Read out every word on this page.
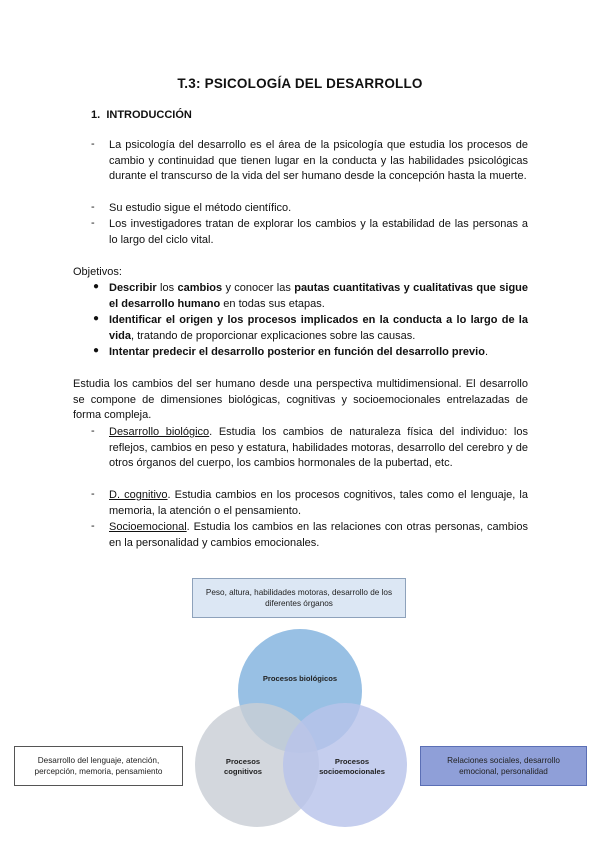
T.3: PSICOLOGÍA DEL DESARROLLO
1. INTRODUCCIÓN
- La psicología del desarrollo es el área de la psicología que estudia los procesos de cambio y continuidad que tienen lugar en la conducta y las habilidades psicológicas durante el transcurso de la vida del ser humano desde la concepción hasta la muerte.
- Su estudio sigue el método científico.
- Los investigadores tratan de explorar los cambios y la estabilidad de las personas a lo largo del ciclo vital.
Objetivos:
● Describir los cambios y conocer las pautas cuantitativas y cualitativas que sigue el desarrollo humano en todas sus etapas.
● Identificar el origen y los procesos implicados en la conducta a lo largo de la vida, tratando de proporcionar explicaciones sobre las causas.
● Intentar predecir el desarrollo posterior en función del desarrollo previo.
Estudia los cambios del ser humano desde una perspectiva multidimensional. El desarrollo se compone de dimensiones biológicas, cognitivas y socioemocionales entrelazadas de forma compleja.
- Desarrollo biológico. Estudia los cambios de naturaleza física del individuo: los reflejos, cambios en peso y estatura, habilidades motoras, desarrollo del cerebro y de otros órganos del cuerpo, los cambios hormonales de la pubertad, etc.
- D. cognitivo. Estudia cambios en los procesos cognitivos, tales como el lenguaje, la memoria, la atención o el pensamiento.
- Socioemocional. Estudia los cambios en las relaciones con otras personas, cambios en la personalidad y cambios emocionales.
Peso, altura, habilidades motoras, desarrollo de los diferentes órganos
Procesos biológicos
Procesos cognitivos
Procesos socioemocionales
Desarrollo del lenguaje, atención, percepción, memoria, pensamiento
Relaciones sociales, desarrollo emocional, personalidad
